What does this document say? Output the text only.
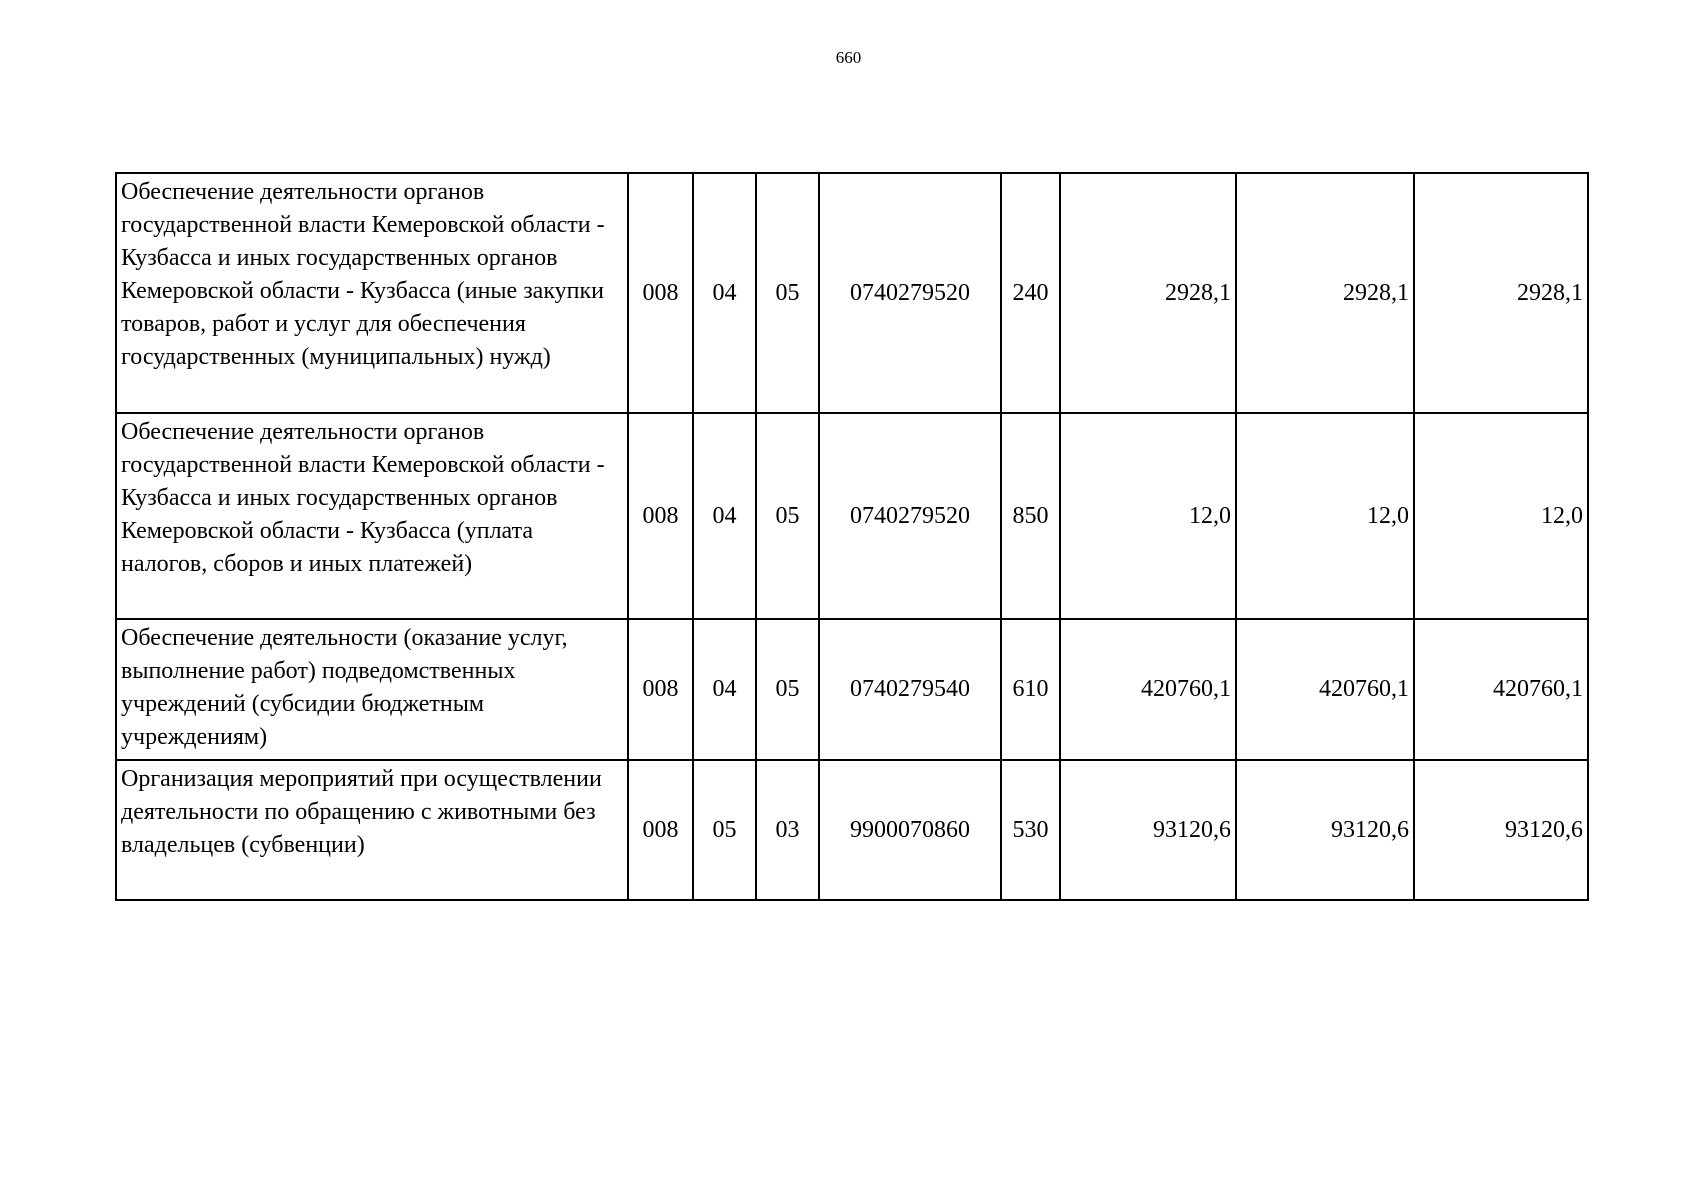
660
Обеспечение деятельности органов государственной власти Кемеровской области - Кузбасса и иных государственных органов Кемеровской области - Кузбасса (иные закупки товаров, работ и услуг для обеспечения государственных (муниципальных) нужд)	008	04	05	0740279520	240	2928,1	2928,1	2928,1
Обеспечение деятельности органов государственной власти Кемеровской области - Кузбасса и иных государственных органов Кемеровской области - Кузбасса (уплата налогов, сборов и иных платежей)	008	04	05	0740279520	850	12,0	12,0	12,0
Обеспечение деятельности (оказание услуг, выполнение работ) подведомственных учреждений (субсидии бюджетным учреждениям)	008	04	05	0740279540	610	420760,1	420760,1	420760,1
Организация мероприятий при осуществлении деятельности по обращению с животными без владельцев (субвенции)	008	05	03	9900070860	530	93120,6	93120,6	93120,6
